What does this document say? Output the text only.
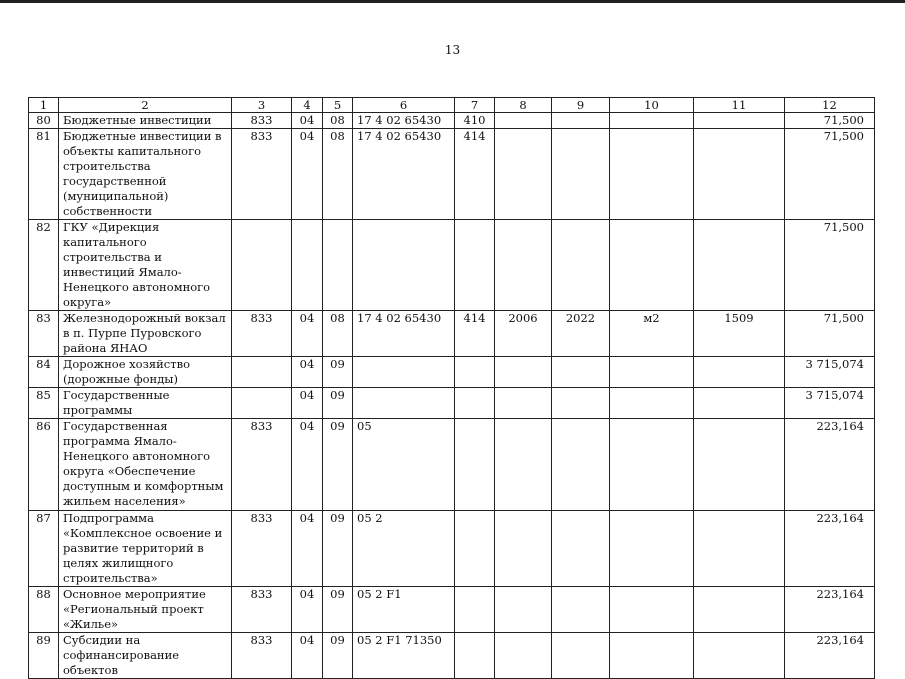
13
1	2	3	4	5	6	7	8	9	10	11	12
80	Бюджетные инвестиции	833	04	08	17 4 02 65430	410					71,500
81	Бюджетные инвестиции в объекты капитального строительства государственной (муниципальной) собственности	833	04	08	17 4 02 65430	414					71,500
82	ГКУ «Дирекция капитального строительства и инвестиций Ямало-Ненецкого автономного округа»										71,500
83	Железнодорожный вокзал в п. Пурпе Пуровского района ЯНАО	833	04	08	17 4 02 65430	414	2006	2022	м2	1509	71,500
84	Дорожное хозяйство (дорожные фонды)		04	09							3 715,074
85	Государственные программы		04	09							3 715,074
86	Государственная программа Ямало-Ненецкого автономного округа «Обеспечение доступным и комфортным жильем населения»	833	04	09	05						223,164
87	Подпрограмма «Комплексное освоение и развитие территорий в целях жилищного строительства»	833	04	09	05 2						223,164
88	Основное мероприятие «Региональный проект «Жилье»	833	04	09	05 2 F1						223,164
89	Субсидии на софинансирование объектов	833	04	09	05 2 F1 71350						223,164
